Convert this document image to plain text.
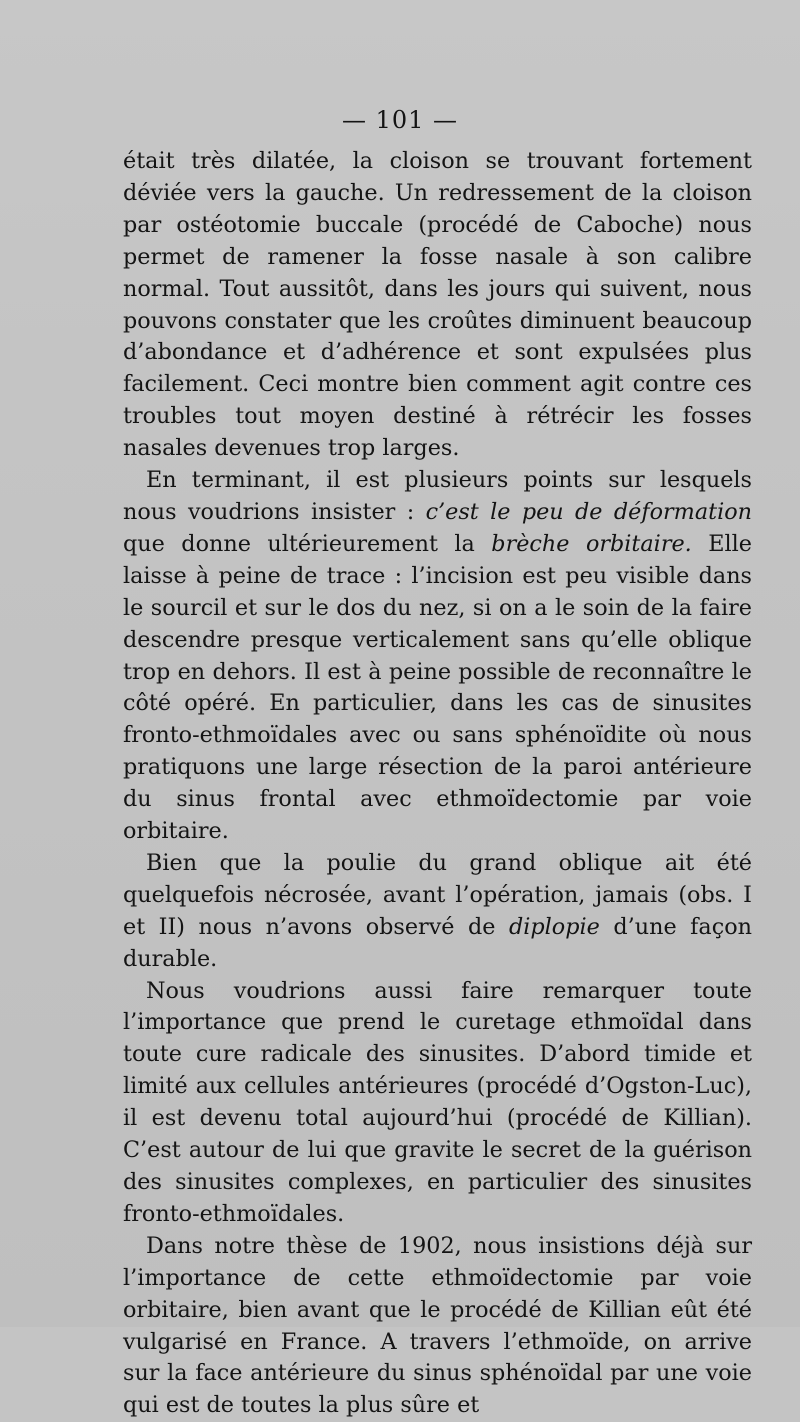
— 101 —

était très dilatée, la cloison se trouvant fortement déviée vers la gauche. Un redressement de la cloison par ostéotomie buccale (procédé de Caboche) nous permet de ramener la fosse nasale à son calibre normal. Tout aussitôt, dans les jours qui suivent, nous pouvons constater que les croûtes diminuent beaucoup d’abondance et d’adhérence et sont expulsées plus facilement. Ceci montre bien comment agit contre ces troubles tout moyen destiné à rétrécir les fosses nasales devenues trop larges.

En terminant, il est plusieurs points sur lesquels nous voudrions insister : c’est le peu de déformation que donne ultérieurement la brèche orbitaire. Elle laisse à peine de trace : l’incision est peu visible dans le sourcil et sur le dos du nez, si on a le soin de la faire descendre presque verticalement sans qu’elle oblique trop en dehors. Il est à peine possible de reconnaître le côté opéré. En particulier, dans les cas de sinusites fronto-ethmoïdales avec ou sans sphénoïdite où nous pratiquons une large résection de la paroi antérieure du sinus frontal avec ethmoïdectomie par voie orbitaire.

Bien que la poulie du grand oblique ait été quelquefois nécrosée, avant l’opération, jamais (obs. I et II) nous n’avons observé de diplopie d’une façon durable.

Nous voudrions aussi faire remarquer toute l’importance que prend le curetage ethmoïdal dans toute cure radicale des sinusites. D’abord timide et limité aux cellules antérieures (procédé d’Ogston-Luc), il est devenu total aujourd’hui (procédé de Killian). C’est autour de lui que gravite le secret de la guérison des sinusites complexes, en particulier des sinusites fronto-ethmoïdales.

Dans notre thèse de 1902, nous insistions déjà sur l’importance de cette ethmoïdectomie par voie orbitaire, bien avant que le procédé de Killian eût été vulgarisé en France. A travers l’ethmoïde, on arrive sur la face antérieure du sinus sphénoïdal par une voie qui est de toutes la plus sûre et
